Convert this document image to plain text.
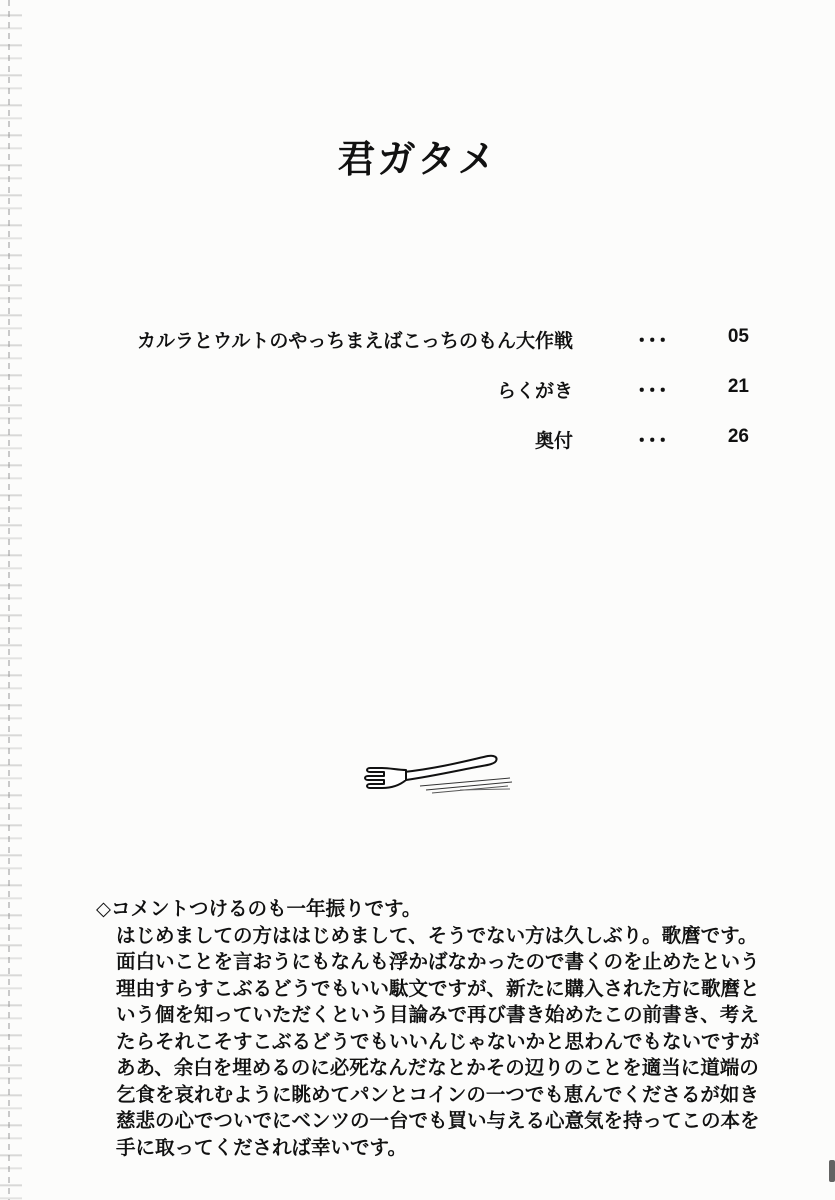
君ガタメ
カルラとウルトのやっちまえばこっちのもん大作戦	･･･	05
らくがき	･･･	21
奥付	･･･	26
◇コメントつけるのも一年振りです。
はじめましての方ははじめまして、そうでない方は久しぶり。歌麿です。
面白いことを言おうにもなんも浮かばなかったので書くのを止めたという
理由すらすこぶるどうでもいい駄文ですが、新たに購入された方に歌麿と
いう個を知っていただくという目論みで再び書き始めたこの前書き、考え
たらそれこそすこぶるどうでもいいんじゃないかと思わんでもないですが
ああ、余白を埋めるのに必死なんだなとかその辺りのことを適当に道端の
乞食を哀れむように眺めてパンとコインの一つでも恵んでくださるが如き
慈悲の心でついでにベンツの一台でも買い与える心意気を持ってこの本を
手に取ってくだされば幸いです。
